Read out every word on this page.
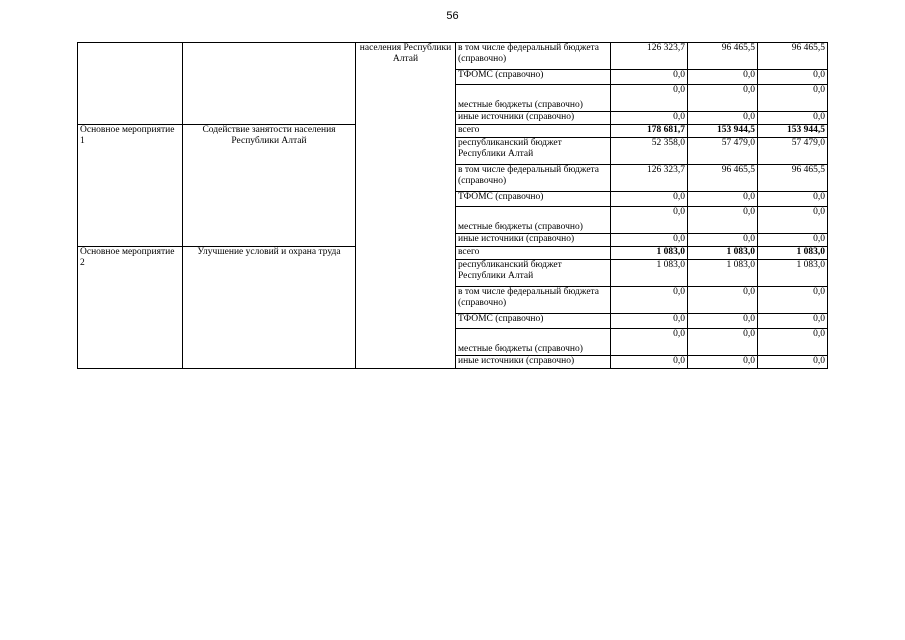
56
		населения Республики Алтай	в том числе федеральный бюджета (справочно)	126 323,7	96 465,5	96 465,5
			ТФОМС (справочно)	0,0	0,0	0,0
			местные бюджеты (справочно)	0,0	0,0	0,0
			иные источники (справочно)	0,0	0,0	0,0
Основное мероприятие 1	Содействие занятости населения Республики Алтай		всего	178 681,7	153 944,5	153 944,5
			республиканский бюджет Республики Алтай	52 358,0	57 479,0	57 479,0
			в том числе федеральный бюджета (справочно)	126 323,7	96 465,5	96 465,5
			ТФОМС (справочно)	0,0	0,0	0,0
			местные бюджеты (справочно)	0,0	0,0	0,0
			иные источники (справочно)	0,0	0,0	0,0
Основное мероприятие 2	Улучшение условий и охрана труда		всего	1 083,0	1 083,0	1 083,0
			республиканский бюджет Республики Алтай	1 083,0	1 083,0	1 083,0
			в том числе федеральный бюджета (справочно)	0,0	0,0	0,0
			ТФОМС (справочно)	0,0	0,0	0,0
			местные бюджеты (справочно)	0,0	0,0	0,0
			иные источники (справочно)	0,0	0,0	0,0
